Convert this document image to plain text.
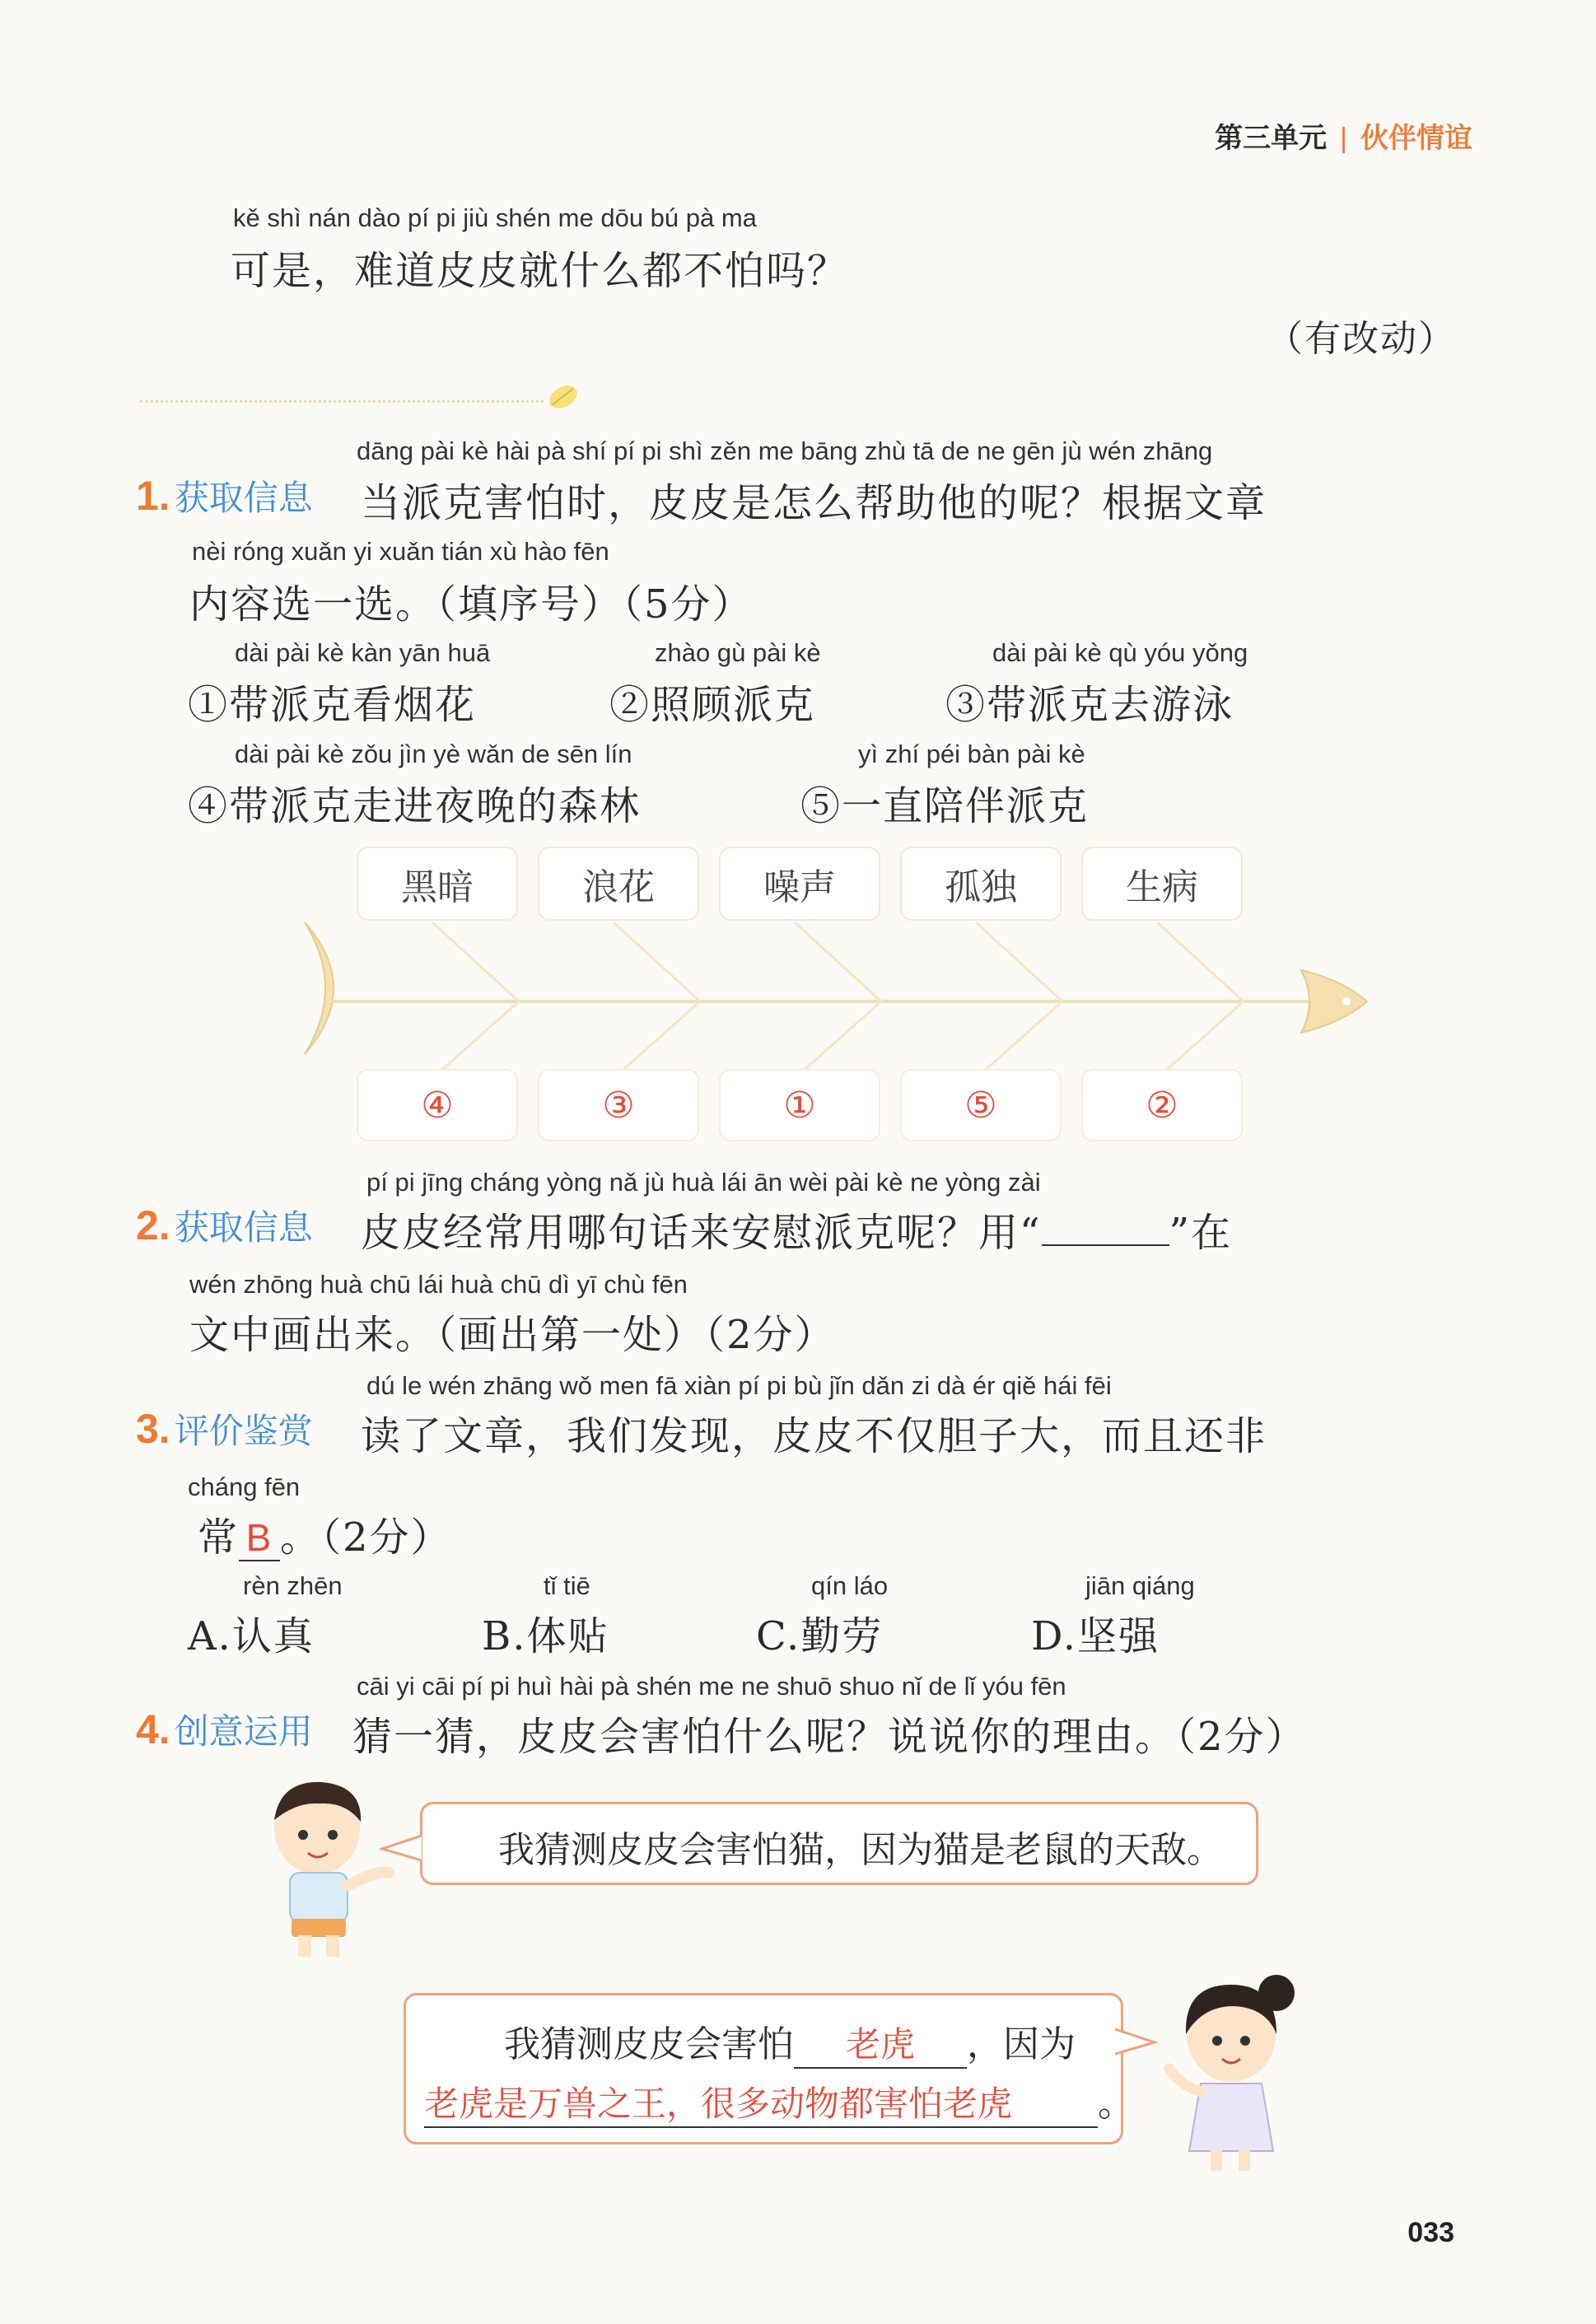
第三单元 | 伙伴情谊
kě shì nán dào pí pi jiù shén me dōu bú pà ma
可是，难道皮皮就什么都不怕吗？
（有改动）
dāng pài kè hài pà shí pí pi shì zěn me bāng zhù tā de ne gēn jù wén zhāng
1. 获取信息 当派克害怕时，皮皮是怎么帮助他的呢？根据文章
nèi róng xuǎn yi xuǎn tián xù hào fēn
内容选一选。（填序号）（5分）
dài pài kè kàn yān huā
①带派克看烟花
zhào gù pài kè
②照顾派克
dài pài kè qù yóu yǒng
③带派克去游泳
dài pài kè zǒu jìn yè wǎn de sēn lín
④带派克走进夜晚的森林
yì zhí péi bàn pài kè
⑤一直陪伴派克
黑暗	浪花	噪声	孤独	生病
④	③	①	⑤	②
pí pi jīng cháng yòng nǎ jù huà lái ān wèi pài kè ne yòng zài
2. 获取信息 皮皮经常用哪句话来安慰派克呢？用“	”在
wén zhōng huà chū lái huà chū dì yī chù fēn
文中画出来。（画出第一处）（2分）
dú le wén zhāng wǒ men fā xiàn pí pi bù jǐn dǎn zi dà ér qiě hái fēi
3. 评价鉴赏 读了文章，我们发现，皮皮不仅胆子大，而且还非
cháng fēn
常 B 。（2分）
rèn zhēn
A.认真
tǐ tiē
B.体贴
qín láo
C.勤劳
jiān qiáng
D.坚强
cāi yi cāi pí pi huì hài pà shén me ne shuō shuo nǐ de lǐ yóu fēn
4. 创意运用 猜一猜，皮皮会害怕什么呢？说说你的理由。（2分）
我猜测皮皮会害怕猫，因为猫是老鼠的天敌。
我猜测皮皮会害怕 老虎 ，因为
老虎是万兽之王，很多动物都害怕老虎 。
033
